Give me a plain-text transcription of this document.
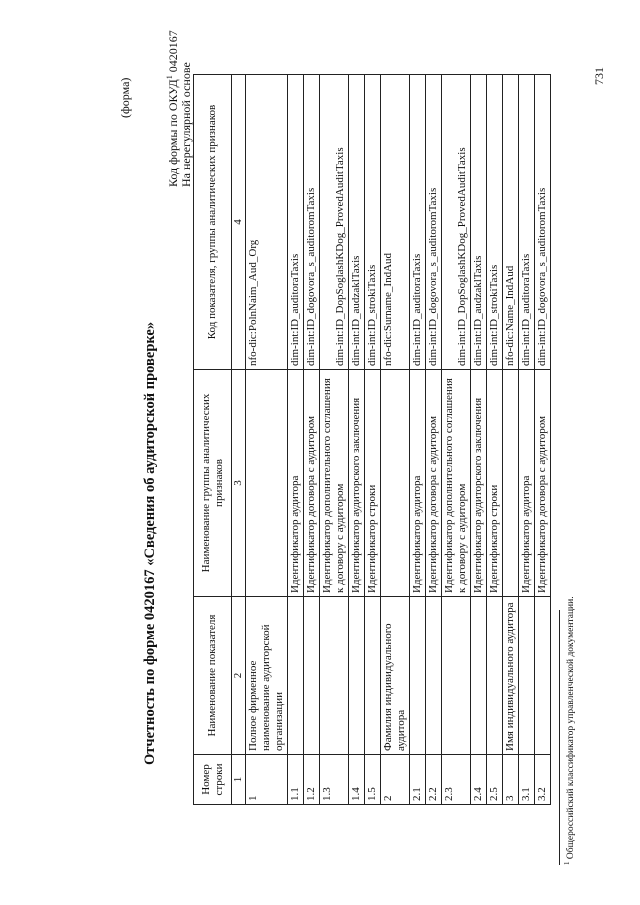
(форма)
Отчетность по форме 0420167 «Сведения об аудиторской проверке»
Код формы по ОКУД$^1$ 0420167
На нерегулярной основе
Номер строки	Наименование показателя	Наименование группы аналитических признаков	Код показателя, группы аналитических признаков
1	2	3	4
1	Полное фирменное наименование аудиторской организации		nfo-dic:PolnNaim_Aud_Org
1.1		Идентификатор аудитора	dim-int:ID_auditoraTaxis
1.2		Идентификатор договора с аудитором	dim-int:ID_dogovora_s_auditoromTaxis
1.3		Идентификатор дополнительного соглашения к договору с аудитором	dim-int:ID_DopSoglashKDog_ProvedAuditTaxis
1.4		Идентификатор аудиторского заключения	dim-int:ID_audzaklTaxis
1.5		Идентификатор строки	dim-int:ID_strokiTaxis
2	Фамилия индивидуального аудитора		nfo-dic:Surname_IndAud
2.1		Идентификатор аудитора	dim-int:ID_auditoraTaxis
2.2		Идентификатор договора с аудитором	dim-int:ID_dogovora_s_auditoromTaxis
2.3		Идентификатор дополнительного соглашения к договору с аудитором	dim-int:ID_DopSoglashKDog_ProvedAuditTaxis
2.4		Идентификатор аудиторского заключения	dim-int:ID_audzaklTaxis
2.5		Идентификатор строки	dim-int:ID_strokiTaxis
3	Имя индивидуального аудитора		nfo-dic:Name_IndAud
3.1		Идентификатор аудитора	dim-int:ID_auditoraTaxis
3.2		Идентификатор договора с аудитором	dim-int:ID_dogovora_s_auditoromTaxis
$^1$ Общероссийский классификатор управленческой документации.
731
